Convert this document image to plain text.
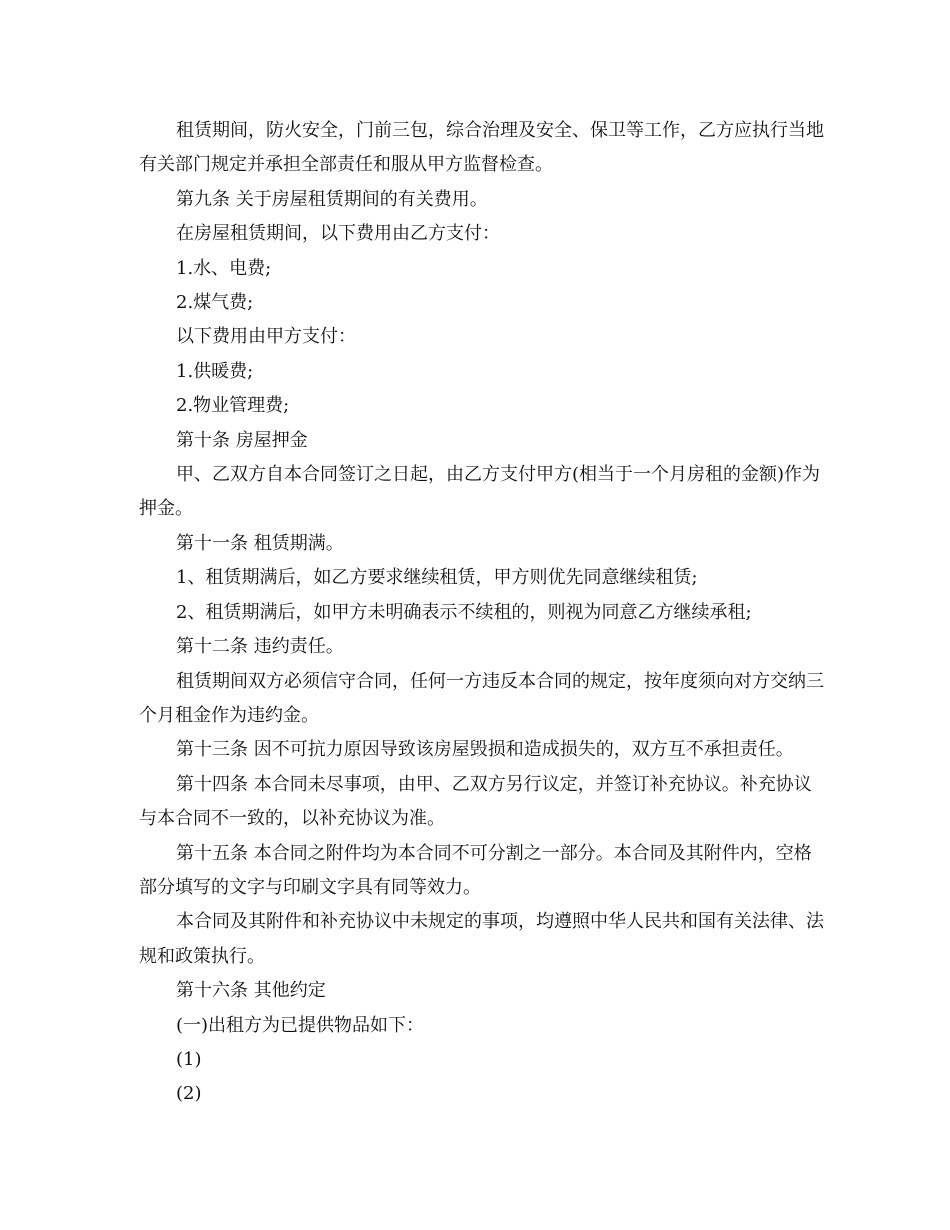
租赁期间，防火安全，门前三包，综合治理及安全、保卫等工作，乙方应执行当地有关部门规定并承担全部责任和服从甲方监督检查。

第九条 关于房屋租赁期间的有关费用。

在房屋租赁期间，以下费用由乙方支付：

1.水、电费;

2.煤气费;

以下费用由甲方支付：

1.供暖费;

2.物业管理费;

第十条 房屋押金

甲、乙双方自本合同签订之日起，由乙方支付甲方(相当于一个月房租的金额)作为押金。

第十一条 租赁期满。

1、租赁期满后，如乙方要求继续租赁，甲方则优先同意继续租赁;

2、租赁期满后，如甲方未明确表示不续租的，则视为同意乙方继续承租;

第十二条 违约责任。

租赁期间双方必须信守合同，任何一方违反本合同的规定，按年度须向对方交纳三个月租金作为违约金。

第十三条 因不可抗力原因导致该房屋毁损和造成损失的，双方互不承担责任。

第十四条 本合同未尽事项，由甲、乙双方另行议定，并签订补充协议。补充协议与本合同不一致的，以补充协议为准。

第十五条 本合同之附件均为本合同不可分割之一部分。本合同及其附件内，空格部分填写的文字与印刷文字具有同等效力。

本合同及其附件和补充协议中未规定的事项，均遵照中华人民共和国有关法律、法规和政策执行。

第十六条 其他约定

(一)出租方为已提供物品如下：

(1)

(2)
